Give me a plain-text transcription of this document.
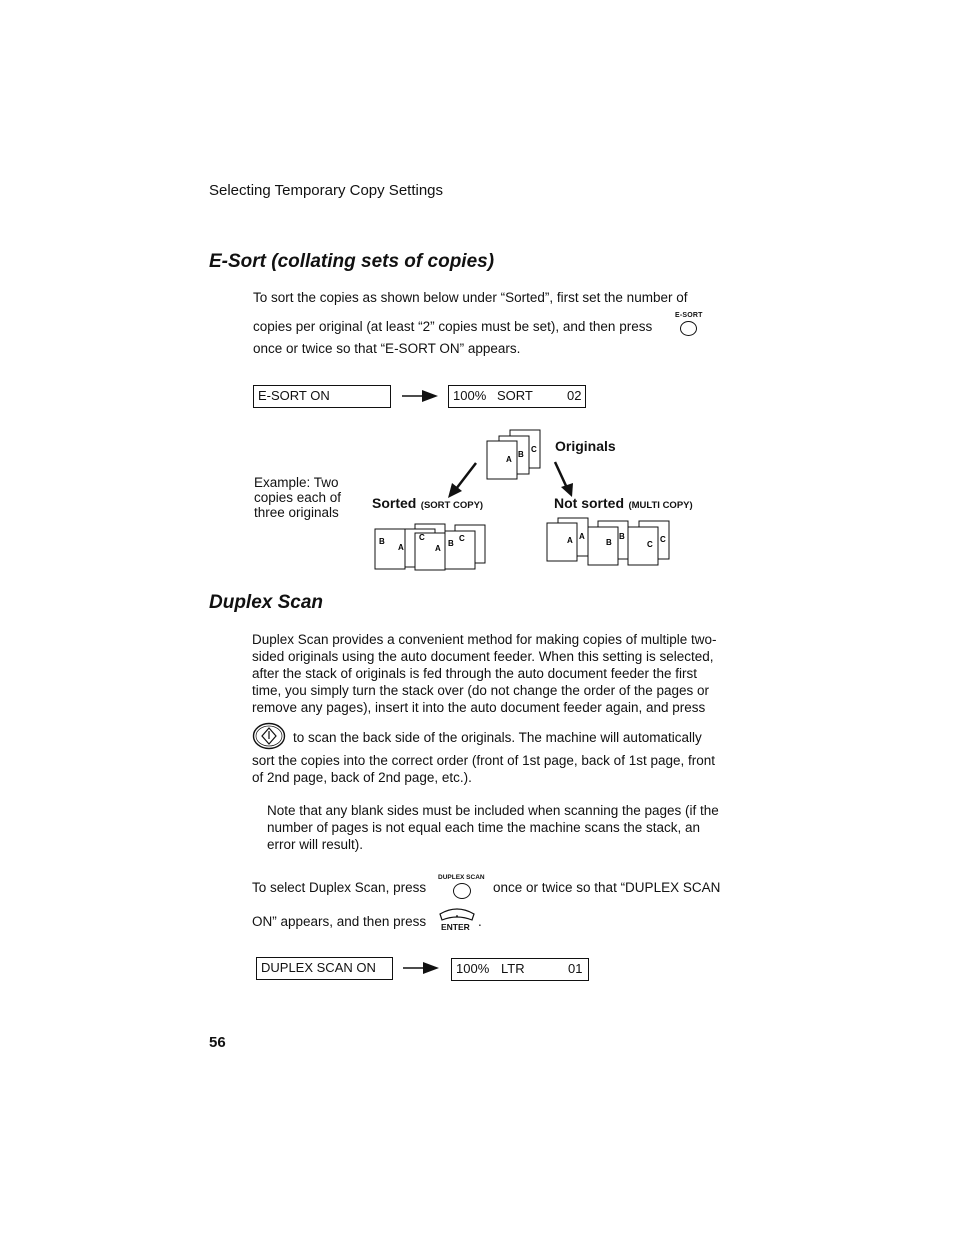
Selecting Temporary Copy Settings
E-Sort (collating sets of copies)
To sort the copies as shown below under “Sorted”, first set the number of
copies per original (at least “2” copies must be set), and then press
once or twice so that “E-SORT ON” appears.
E-SORT
E-SORT ON	100% SORT	02
C
B
A
C
B
A
C
B
A
A
A	B
B	C
C
Originals
Example: Two
copies each of
three originals
Sorted (SORT COPY)	Not sorted (MULTI COPY)
Duplex Scan
Duplex Scan provides a convenient method for making copies of multiple two-
sided originals using the auto document feeder. When this setting is selected,
after the stack of originals is fed through the auto document feeder the first
time, you simply turn the stack over (do not change the order of the pages or
remove any pages), insert it into the auto document feeder again, and press
to scan the back side of the originals. The machine will automatically
sort the copies into the correct order (front of 1st page, back of 1st page, front
of 2nd page, back of 2nd page, etc.).
Note that any blank sides must be included when scanning the pages (if the
number of pages is not equal each time the machine scans the stack, an
error will result).
To select Duplex Scan, press
DUPLEX SCAN
once or twice so that “DUPLEX SCAN
ON” appears, and then press ENTER .
DUPLEX SCAN ON	100% LTR	01
56
